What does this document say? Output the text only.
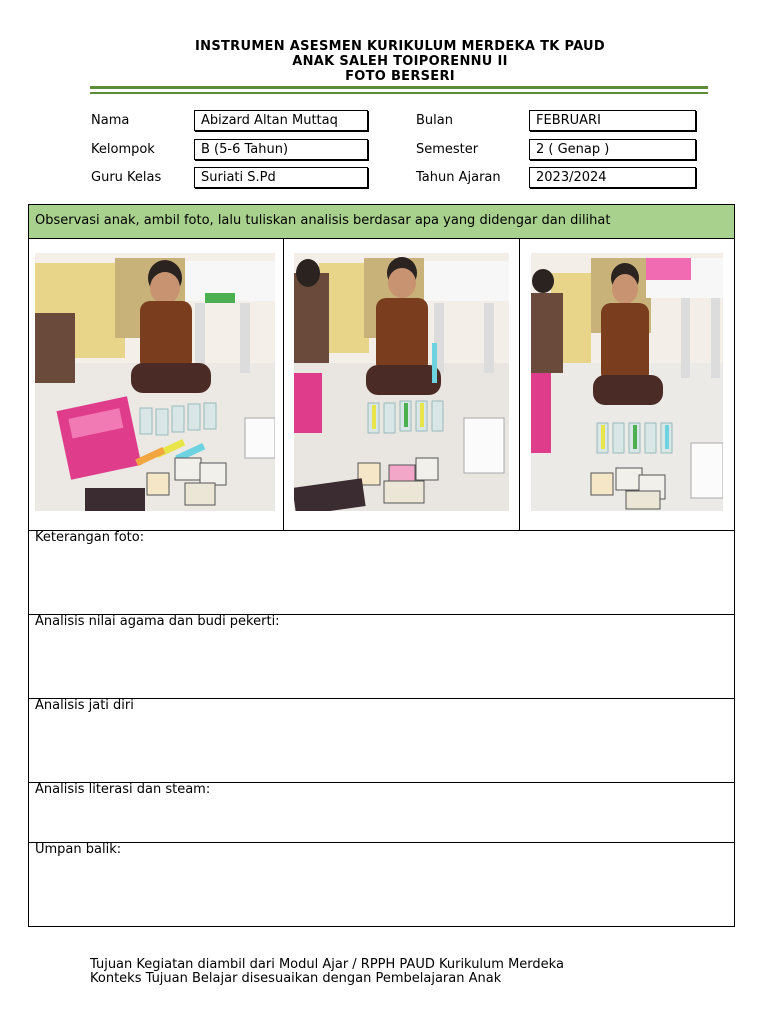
INSTRUMEN ASESMEN KURIKULUM MERDEKA TK PAUD
ANAK SALEH TOIPORENNU II
FOTO BERSERI
Nama	Abizard Altan Muttaq
Kelompok	B (5-6 Tahun)
Guru Kelas	Suriati S.Pd
Bulan	FEBRUARI
Semester	2 ( Genap )
Tahun Ajaran	2023/2024
Observasi anak, ambil foto, lalu tuliskan analisis berdasar apa yang didengar dan dilihat
Keterangan foto:
Analisis nilai agama dan budi pekerti:
Analisis jati diri
Analisis literasi dan steam:
Umpan balik:
Tujuan Kegiatan diambil dari Modul Ajar / RPPH PAUD Kurikulum Merdeka
Konteks Tujuan Belajar disesuaikan dengan Pembelajaran Anak
